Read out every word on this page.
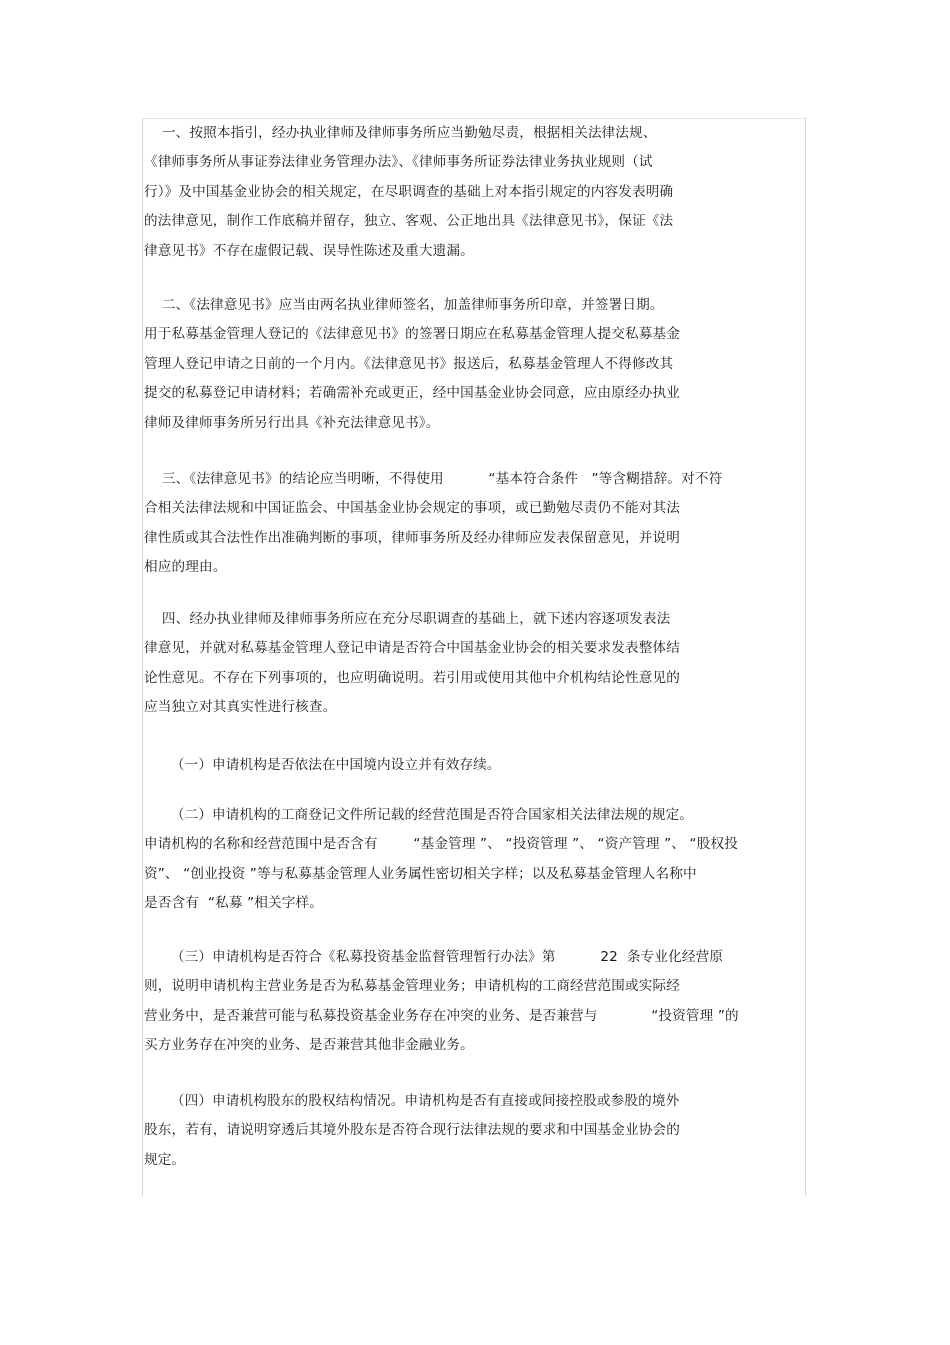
一、按照本指引，经办执业律师及律师事务所应当勤勉尽责，根据相关法律法规、
《律师事务所从事证券法律业务管理办法》、《律师事务所证券法律业务执业规则（试
行）》及中国基金业协会的相关规定，在尽职调查的基础上对本指引规定的内容发表明确
的法律意见，制作工作底稿并留存，独立、客观、公正地出具《法律意见书》，保证《法
律意见书》不存在虚假记载、误导性陈述及重大遗漏。
二、《法律意见书》应当由两名执业律师签名，加盖律师事务所印章，并签署日期。
用于私募基金管理人登记的《法律意见书》的签署日期应在私募基金管理人提交私募基金
管理人登记申请之日前的一个月内。《法律意见书》报送后，私募基金管理人不得修改其
提交的私募登记申请材料；若确需补充或更正，经中国基金业协会同意，应由原经办执业
律师及律师事务所另行出具《补充法律意见书》。
三、《法律意见书》的结论应当明晰，不得使用          “基本符合条件   ”等含糊措辞。对不符
合相关法律法规和中国证监会、中国基金业协会规定的事项，或已勤勉尽责仍不能对其法
律性质或其合法性作出准确判断的事项，律师事务所及经办律师应发表保留意见，并说明
相应的理由。
四、经办执业律师及律师事务所应在充分尽职调查的基础上，就下述内容逐项发表法
律意见，并就对私募基金管理人登记申请是否符合中国基金业协会的相关要求发表整体结
论性意见。不存在下列事项的，也应明确说明。若引用或使用其他中介机构结论性意见的
应当独立对其真实性进行核查。
（一）申请机构是否依法在中国境内设立并有效存续。
（二）申请机构的工商登记文件所记载的经营范围是否符合国家相关法律法规的规定。
申请机构的名称和经营范围中是否含有        “基金管理 ”、 “投资管理 ”、 “资产管理 ”、 “股权投
资”、 “创业投资 ”等与私募基金管理人业务属性密切相关字样；以及私募基金管理人名称中
是否含有  “私募 ”相关字样。
（三）申请机构是否符合《私募投资基金监督管理暂行办法》第          22  条专业化经营原
则，说明申请机构主营业务是否为私募基金管理业务；申请机构的工商经营范围或实际经
营业务中，是否兼营可能与私募投资基金业务存在冲突的业务、是否兼营与            “投资管理 ”的
买方业务存在冲突的业务、是否兼营其他非金融业务。
（四）申请机构股东的股权结构情况。申请机构是否有直接或间接控股或参股的境外
股东，若有，请说明穿透后其境外股东是否符合现行法律法规的要求和中国基金业协会的
规定。
